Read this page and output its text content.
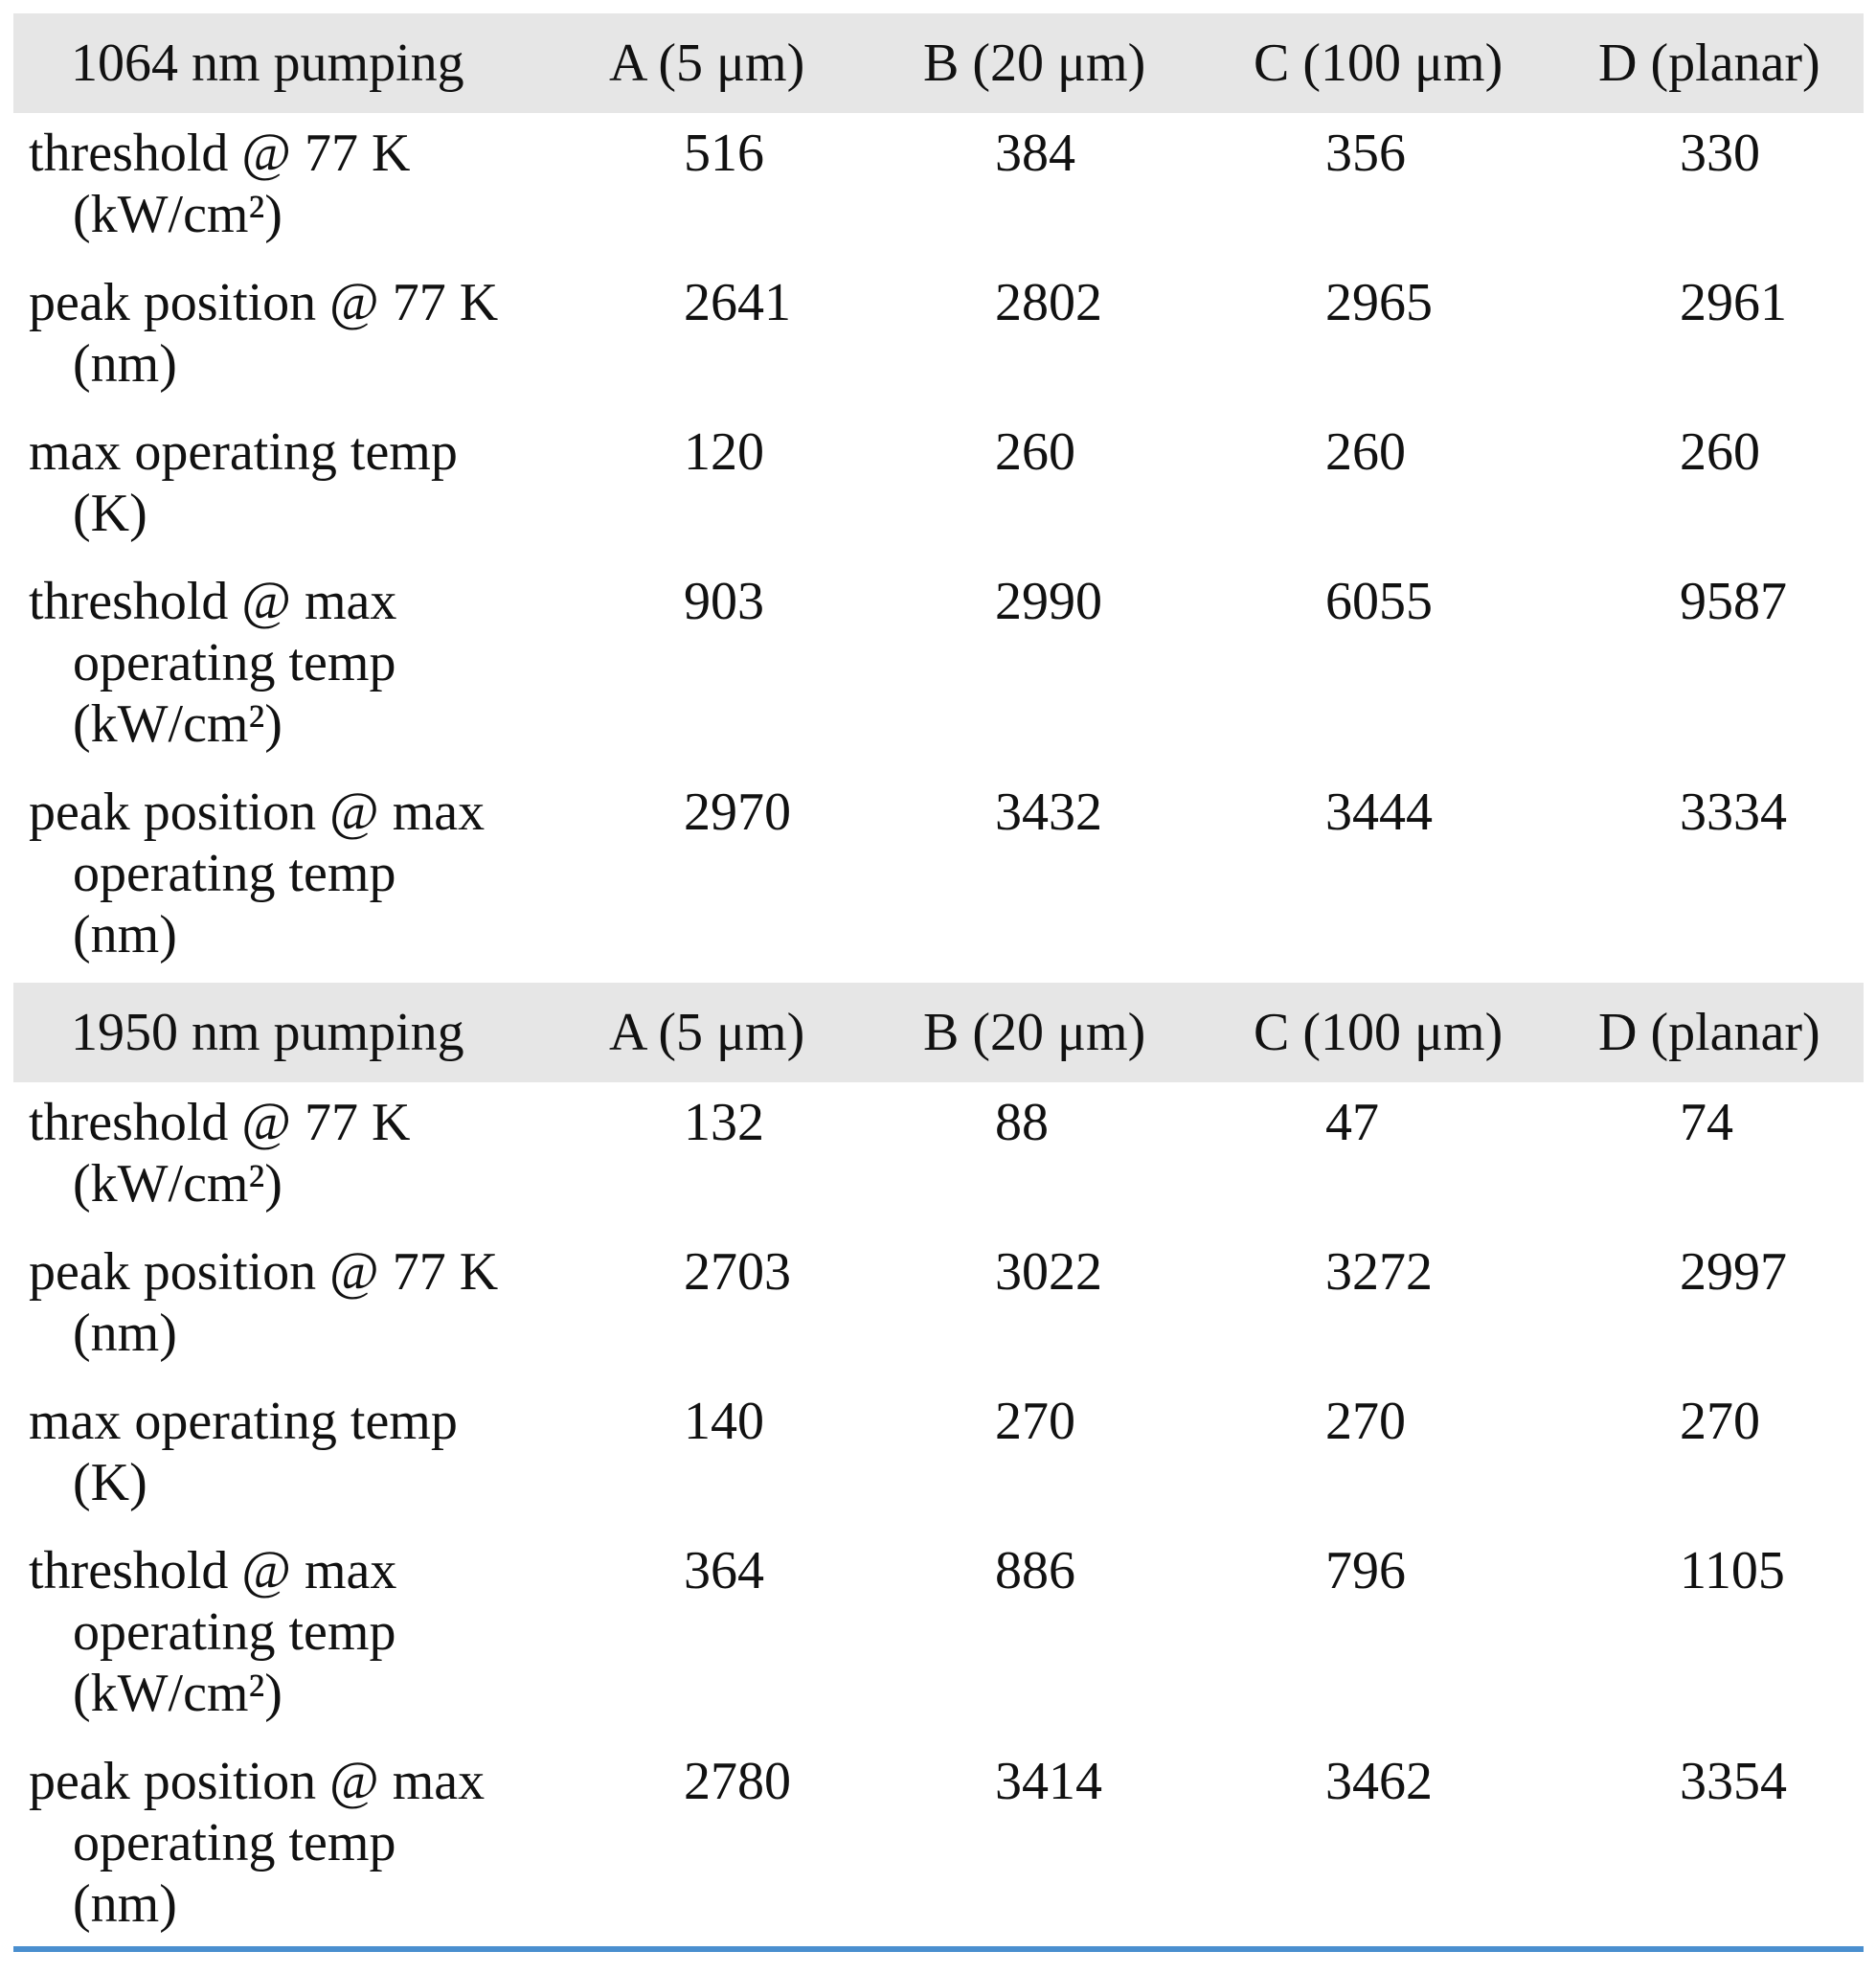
1064 nm pumping	A (5 μm)	B (20 μm)	C (100 μm)	D (planar)

threshold @ 77 K
(kW/cm²)	516	384	356	330

peak position @ 77 K
(nm)	2641	2802	2965	2961

max operating temp
(K)	120	260	260	260

threshold @ max
operating temp
(kW/cm²)	903	2990	6055	9587

peak position @ max
operating temp
(nm)	2970	3432	3444	3334
1950 nm pumping	A (5 μm)	B (20 μm)	C (100 μm)	D (planar)

threshold @ 77 K
(kW/cm²)	132	88	47	74

peak position @ 77 K
(nm)	2703	3022	3272	2997

max operating temp
(K)	140	270	270	270

threshold @ max
operating temp
(kW/cm²)	364	886	796	1105

peak position @ max
operating temp
(nm)	2780	3414	3462	3354
